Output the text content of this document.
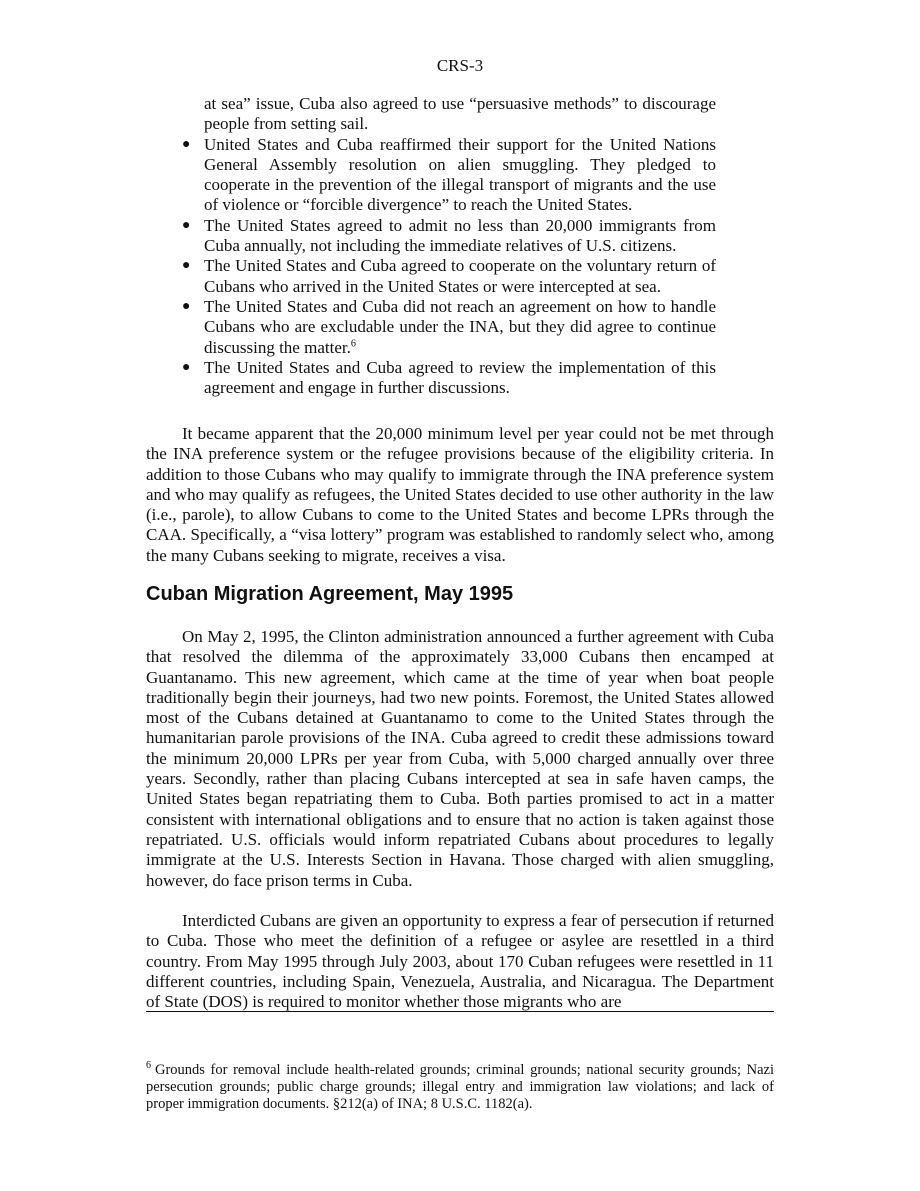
CRS-3

at sea” issue, Cuba also agreed to use “persuasive methods” to discourage people from setting sail.

● United States and Cuba reaffirmed their support for the United Nations General Assembly resolution on alien smuggling. They pledged to cooperate in the prevention of the illegal transport of migrants and the use of violence or “forcible divergence” to reach the United States.

● The United States agreed to admit no less than 20,000 immigrants from Cuba annually, not including the immediate relatives of U.S. citizens.

● The United States and Cuba agreed to cooperate on the voluntary return of Cubans who arrived in the United States or were intercepted at sea.

● The United States and Cuba did not reach an agreement on how to handle Cubans who are excludable under the INA, but they did agree to continue discussing the matter.$^6$

● The United States and Cuba agreed to review the implementation of this agreement and engage in further discussions.

It became apparent that the 20,000 minimum level per year could not be met through the INA preference system or the refugee provisions because of the eligibility criteria. In addition to those Cubans who may qualify to immigrate through the INA preference system and who may qualify as refugees, the United States decided to use other authority in the law (i.e., parole), to allow Cubans to come to the United States and become LPRs through the CAA. Specifically, a “visa lottery” program was established to randomly select who, among the many Cubans seeking to migrate, receives a visa.

Cuban Migration Agreement, May 1995

On May 2, 1995, the Clinton administration announced a further agreement with Cuba that resolved the dilemma of the approximately 33,000 Cubans then encamped at Guantanamo. This new agreement, which came at the time of year when boat people traditionally begin their journeys, had two new points. Foremost, the United States allowed most of the Cubans detained at Guantanamo to come to the United States through the humanitarian parole provisions of the INA. Cuba agreed to credit these admissions toward the minimum 20,000 LPRs per year from Cuba, with 5,000 charged annually over three years. Secondly, rather than placing Cubans intercepted at sea in safe haven camps, the United States began repatriating them to Cuba. Both parties promised to act in a matter consistent with international obligations and to ensure that no action is taken against those repatriated. U.S. officials would inform repatriated Cubans about procedures to legally immigrate at the U.S. Interests Section in Havana. Those charged with alien smuggling, however, do face prison terms in Cuba.

Interdicted Cubans are given an opportunity to express a fear of persecution if returned to Cuba. Those who meet the definition of a refugee or asylee are resettled in a third country. From May 1995 through July 2003, about 170 Cuban refugees were resettled in 11 different countries, including Spain, Venezuela, Australia, and Nicaragua. The Department of State (DOS) is required to monitor whether those migrants who are

$^6$ Grounds for removal include health-related grounds; criminal grounds; national security grounds; Nazi persecution grounds; public charge grounds; illegal entry and immigration law violations; and lack of proper immigration documents. §212(a) of INA; 8 U.S.C. 1182(a).
